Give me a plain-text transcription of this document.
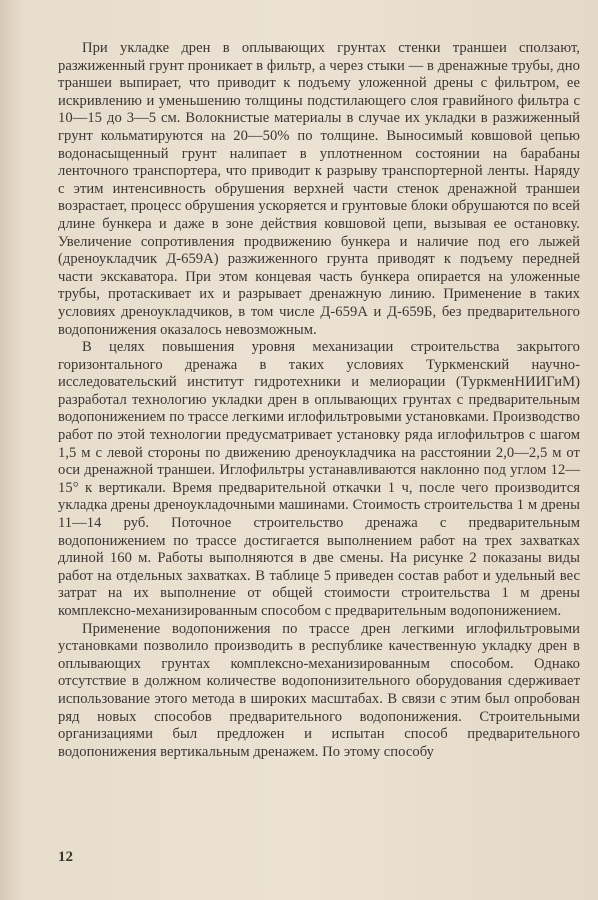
При укладке дрен в оплывающих грунтах стенки траншеи сползают, разжиженный грунт проникает в фильтр, а через стыки — в дренажные трубы, дно траншеи выпирает, что приводит к подъему уложенной дрены с фильтром, ее искривлению и уменьшению толщины подстилающего слоя гравийного фильтра с 10—15 до 3—5 см. Волокнистые материалы в случае их укладки в разжиженный грунт кольматируются на 20—50% по толщине. Выносимый ковшовой цепью водонасыщенный грунт налипает в уплотненном состоянии на барабаны ленточного транспортера, что приводит к разрыву транспортерной ленты. Наряду с этим интенсивность обрушения верхней части стенок дренажной траншеи возрастает, процесс обрушения ускоряется и грунтовые блоки обрушаются по всей длине бункера и даже в зоне действия ковшовой цепи, вызывая ее остановку. Увеличение сопротивления продвижению бункера и наличие под его лыжей (дреноукладчик Д-659А) разжиженного грунта приводят к подъему передней части экскаватора. При этом концевая часть бункера опирается на уложенные трубы, протаскивает их и разрывает дренажную линию. Применение в таких условиях дреноукладчиков, в том числе Д-659А и Д-659Б, без предварительного водопонижения оказалось невозможным.

В целях повышения уровня механизации строительства закрытого горизонтального дренажа в таких условиях Туркменский научно-исследовательский институт гидротехники и мелиорации (ТуркменНИИГиМ) разработал технологию укладки дрен в оплывающих грунтах с предварительным водопонижением по трассе легкими иглофильтровыми установками. Производство работ по этой технологии предусматривает установку ряда иглофильтров с шагом 1,5 м с левой стороны по движению дреноукладчика на расстоянии 2,0—2,5 м от оси дренажной траншеи. Иглофильтры устанавливаются наклонно под углом 12—15° к вертикали. Время предварительной откачки 1 ч, после чего производится укладка дрены дреноукладочными машинами. Стоимость строительства 1 м дрены 11—14 руб. Поточное строительство дренажа с предварительным водопонижением по трассе достигается выполнением работ на трех захватках длиной 160 м. Работы выполняются в две смены. На рисунке 2 показаны виды работ на отдельных захватках. В таблице 5 приведен состав работ и удельный вес затрат на их выполнение от общей стоимости строительства 1 м дрены комплексно-механизированным способом с предварительным водопонижением.

Применение водопонижения по трассе дрен легкими иглофильтровыми установками позволило производить в республике качественную укладку дрен в оплывающих грунтах комплексно-механизированным способом. Однако отсутствие в должном количестве водопонизительного оборудования сдерживает использование этого метода в широких масштабах. В связи с этим был опробован ряд новых способов предварительного водопонижения. Строительными организациями был предложен и испытан способ предварительного водопонижения вертикальным дренажем. По этому способу

12
